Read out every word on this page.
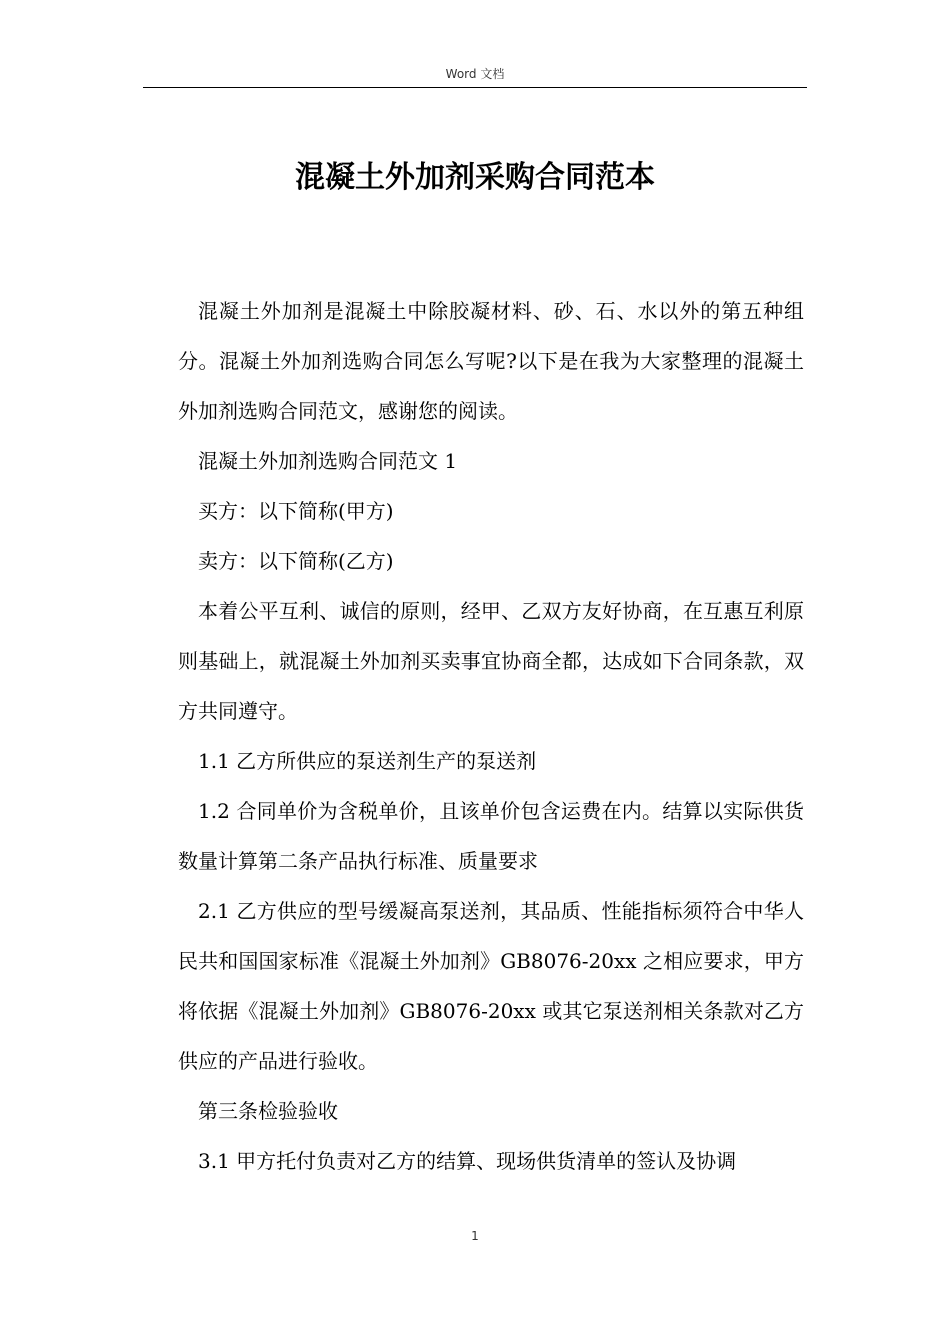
Word 文档
混凝土外加剂采购合同范本

混凝土外加剂是混凝土中除胶凝材料、砂、石、水以外的第五种组分。混凝土外加剂选购合同怎么写呢?以下是在我为大家整理的混凝土外加剂选购合同范文，感谢您的阅读。

混凝土外加剂选购合同范文 1

买方：以下简称(甲方)

卖方：以下简称(乙方)

本着公平互利、诚信的原则，经甲、乙双方友好协商，在互惠互利原则基础上，就混凝土外加剂买卖事宜协商全都，达成如下合同条款，双方共同遵守。

1.1 乙方所供应的泵送剂生产的泵送剂

1.2 合同单价为含税单价，且该单价包含运费在内。结算以实际供货数量计算第二条产品执行标准、质量要求

2.1 乙方供应的型号缓凝高泵送剂，其品质、性能指标须符合中华人民共和国国家标准《混凝土外加剂》GB8076-20xx 之相应要求，甲方将依据《混凝土外加剂》GB8076-20xx 或其它泵送剂相关条款对乙方供应的产品进行验收。

第三条检验验收

3.1 甲方托付负责对乙方的结算、现场供货清单的签认及协调

1
